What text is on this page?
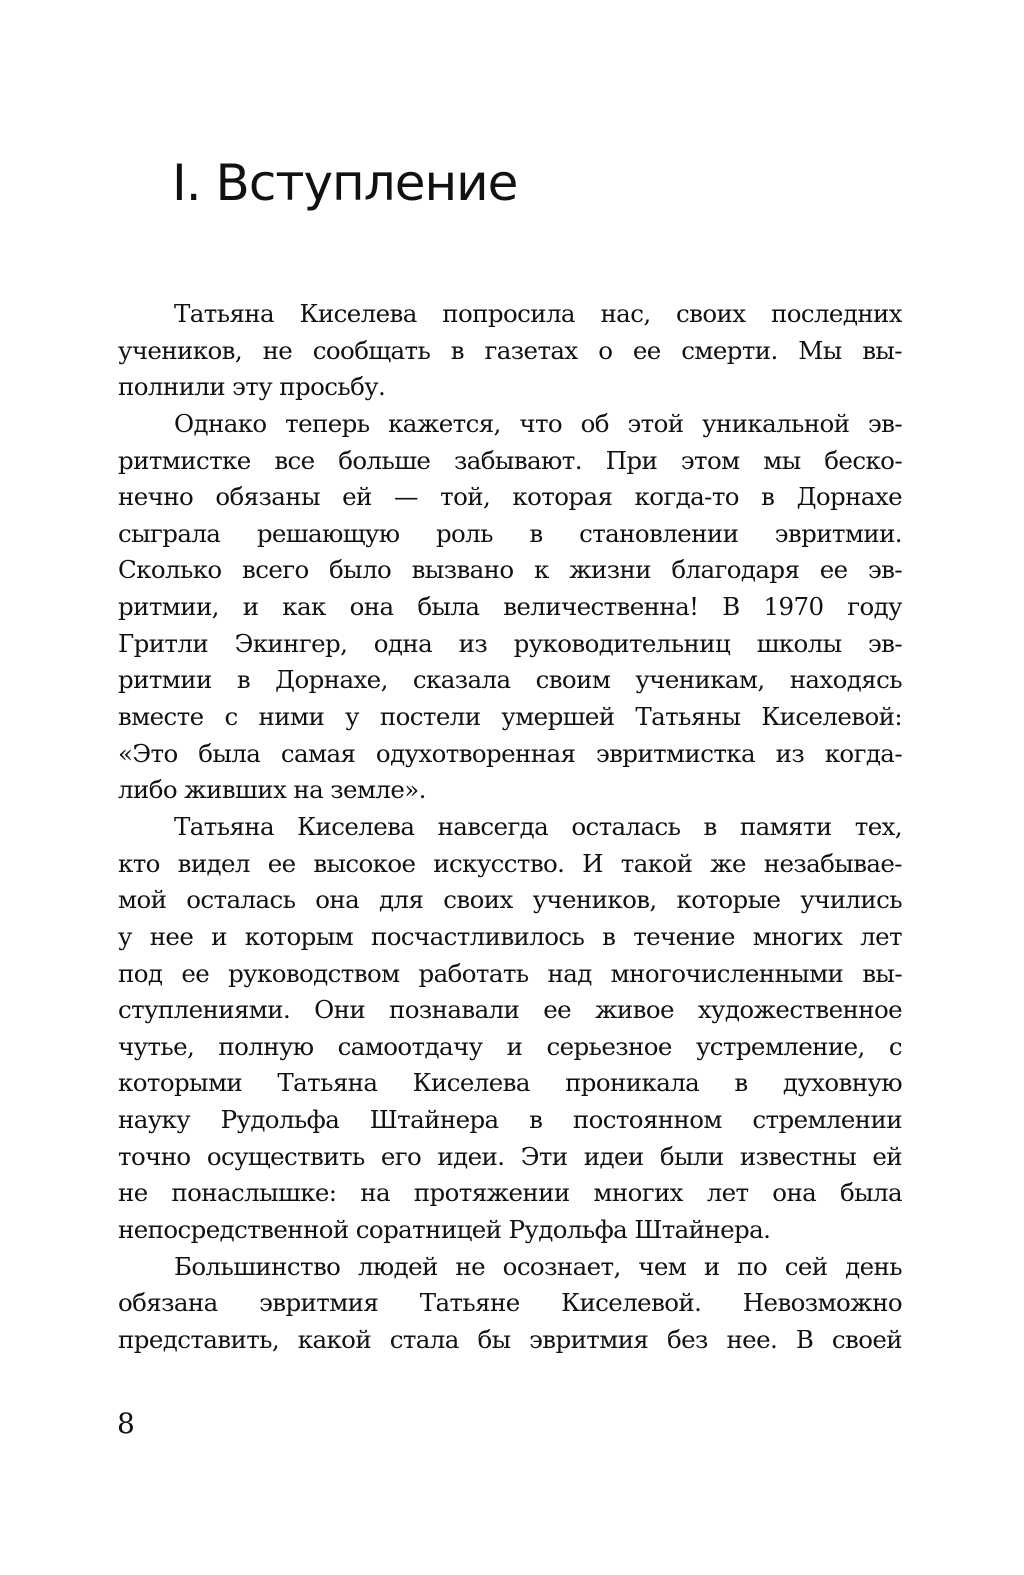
I. Вступление
Татьяна Киселева попросила нас, своих последних
учеников, не сообщать в газетах о ее смерти. Мы вы-
полнили эту просьбу.
Однако теперь кажется, что об этой уникальной эв-
ритмистке все больше забывают. При этом мы беско-
нечно обязаны ей — той, которая когда-то в Дорнахе
сыграла решающую роль в становлении эвритмии.
Сколько всего было вызвано к жизни благодаря ее эв-
ритмии, и как она была величественна! В 1970 году
Гритли Экингер, одна из руководительниц школы эв-
ритмии в Дорнахе, сказала своим ученикам, находясь
вместе с ними у постели умершей Татьяны Киселевой:
«Это была самая одухотворенная эвритмистка из когда-
либо живших на земле».
Татьяна Киселева навсегда осталась в памяти тех,
кто видел ее высокое искусство. И такой же незабывае-
мой осталась она для своих учеников, которые учились
у нее и которым посчастливилось в течение многих лет
под ее руководством работать над многочисленными вы-
ступлениями. Они познавали ее живое художественное
чутье, полную самоотдачу и серьезное устремление, с
которыми Татьяна Киселева проникала в духовную
науку Рудольфа Штайнера в постоянном стремлении
точно осуществить его идеи. Эти идеи были известны ей
не понаслышке: на протяжении многих лет она была
непосредственной соратницей Рудольфа Штайнера.
Большинство людей не осознает, чем и по сей день
обязана эвритмия Татьяне Киселевой. Невозможно
представить, какой стала бы эвритмия без нее. В своей
8
